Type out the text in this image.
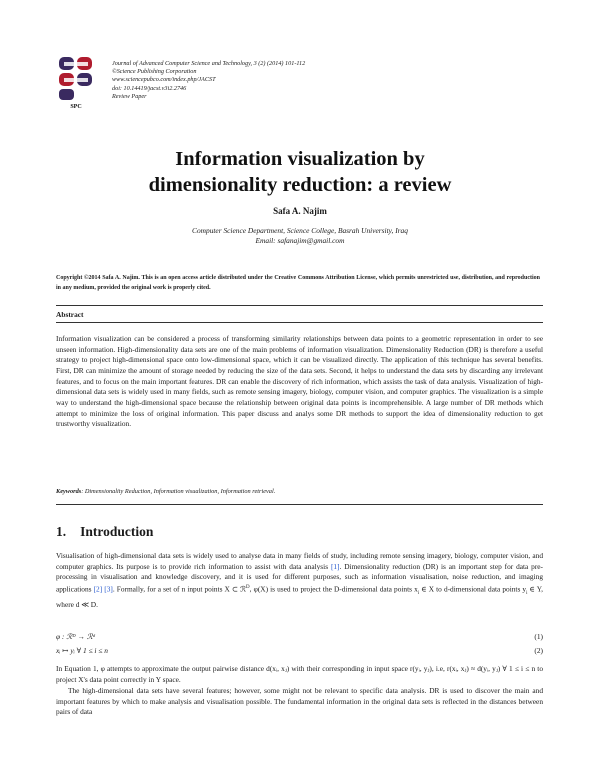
SPC
Journal of Advanced Computer Science and Technology, 3 (2) (2014) 101-112
©Science Publishing Corporation
www.sciencepubco.com/index.php/JACST
doi: 10.14419/jacst.v3i2.2746
Review Paper
Information visualization by
dimensionality reduction: a review
Safa A. Najim
Computer Science Department, Science College, Basrah University, Iraq
Email: safanajim@gmail.com
Copyright ©2014 Safa A. Najim. This is an open access article distributed under the Creative Commons Attribution License, which permits unrestricted use, distribution, and reproduction in any medium, provided the original work is properly cited.
Abstract
Information visualization can be considered a process of transforming similarity relationships between data points to a geometric representation in order to see unseen information. High-dimensionality data sets are one of the main problems of information visualization. Dimensionality Reduction (DR) is therefore a useful strategy to project high-dimensional space onto low-dimensional space, which it can be visualized directly. The application of this technique has several benefits. First, DR can minimize the amount of storage needed by reducing the size of the data sets. Second, it helps to understand the data sets by discarding any irrelevant features, and to focus on the main important features. DR can enable the discovery of rich information, which assists the task of data analysis. Visualization of high-dimensional data sets is widely used in many fields, such as remote sensing imagery, biology, computer vision, and computer graphics. The visualization is a simple way to understand the high-dimensional space because the relationship between original data points is incomprehensible. A large number of DR methods which attempt to minimize the loss of original information. This paper discuss and analys some DR methods to support the idea of dimensionality reduction to get trustworthy visualization.
Keywords: Dimensionality Reduction, Information visualization, Information retrieval.
1. Introduction
Visualisation of high-dimensional data sets is widely used to analyse data in many fields of study, including remote sensing imagery, biology, computer vision, and computer graphics. Its purpose is to provide rich information to assist with data analysis [1]. Dimensionality reduction (DR) is an important step for data pre-processing in visualisation and knowledge discovery, and it is used for different purposes, such as information visualisation, noise reduction, and imaging applications [2] [3]. Formally, for a set of n input points X ⊂ ℛ$^D$, φ(X) is used to project the D-dimensional data points $x_i$ ∈ X to d-dimensional data points $y_i$ ∈ Y, where d ≪ D.
φ : ℛᴰ → ℛᵈ	(1)
xᵢ ↦ yᵢ ∀ 1 ≤ i ≤ n	(2)
In Equation 1, φ attempts to approximate the output pairwise distance d(xᵢ, xⱼ) with their corresponding in input space r(yᵢ, yⱼ), i.e, r(xᵢ, xⱼ) ≈ d(yᵢ, yⱼ) ∀ 1 ≤ i ≤ n to project X's data point correctly in Y space.
The high-dimensional data sets have several features; however, some might not be relevant to specific data analysis. DR is used to discover the main and important features by which to make analysis and visualisation possible. The fundamental information in the original data sets is reflected in the distances between pairs of data
